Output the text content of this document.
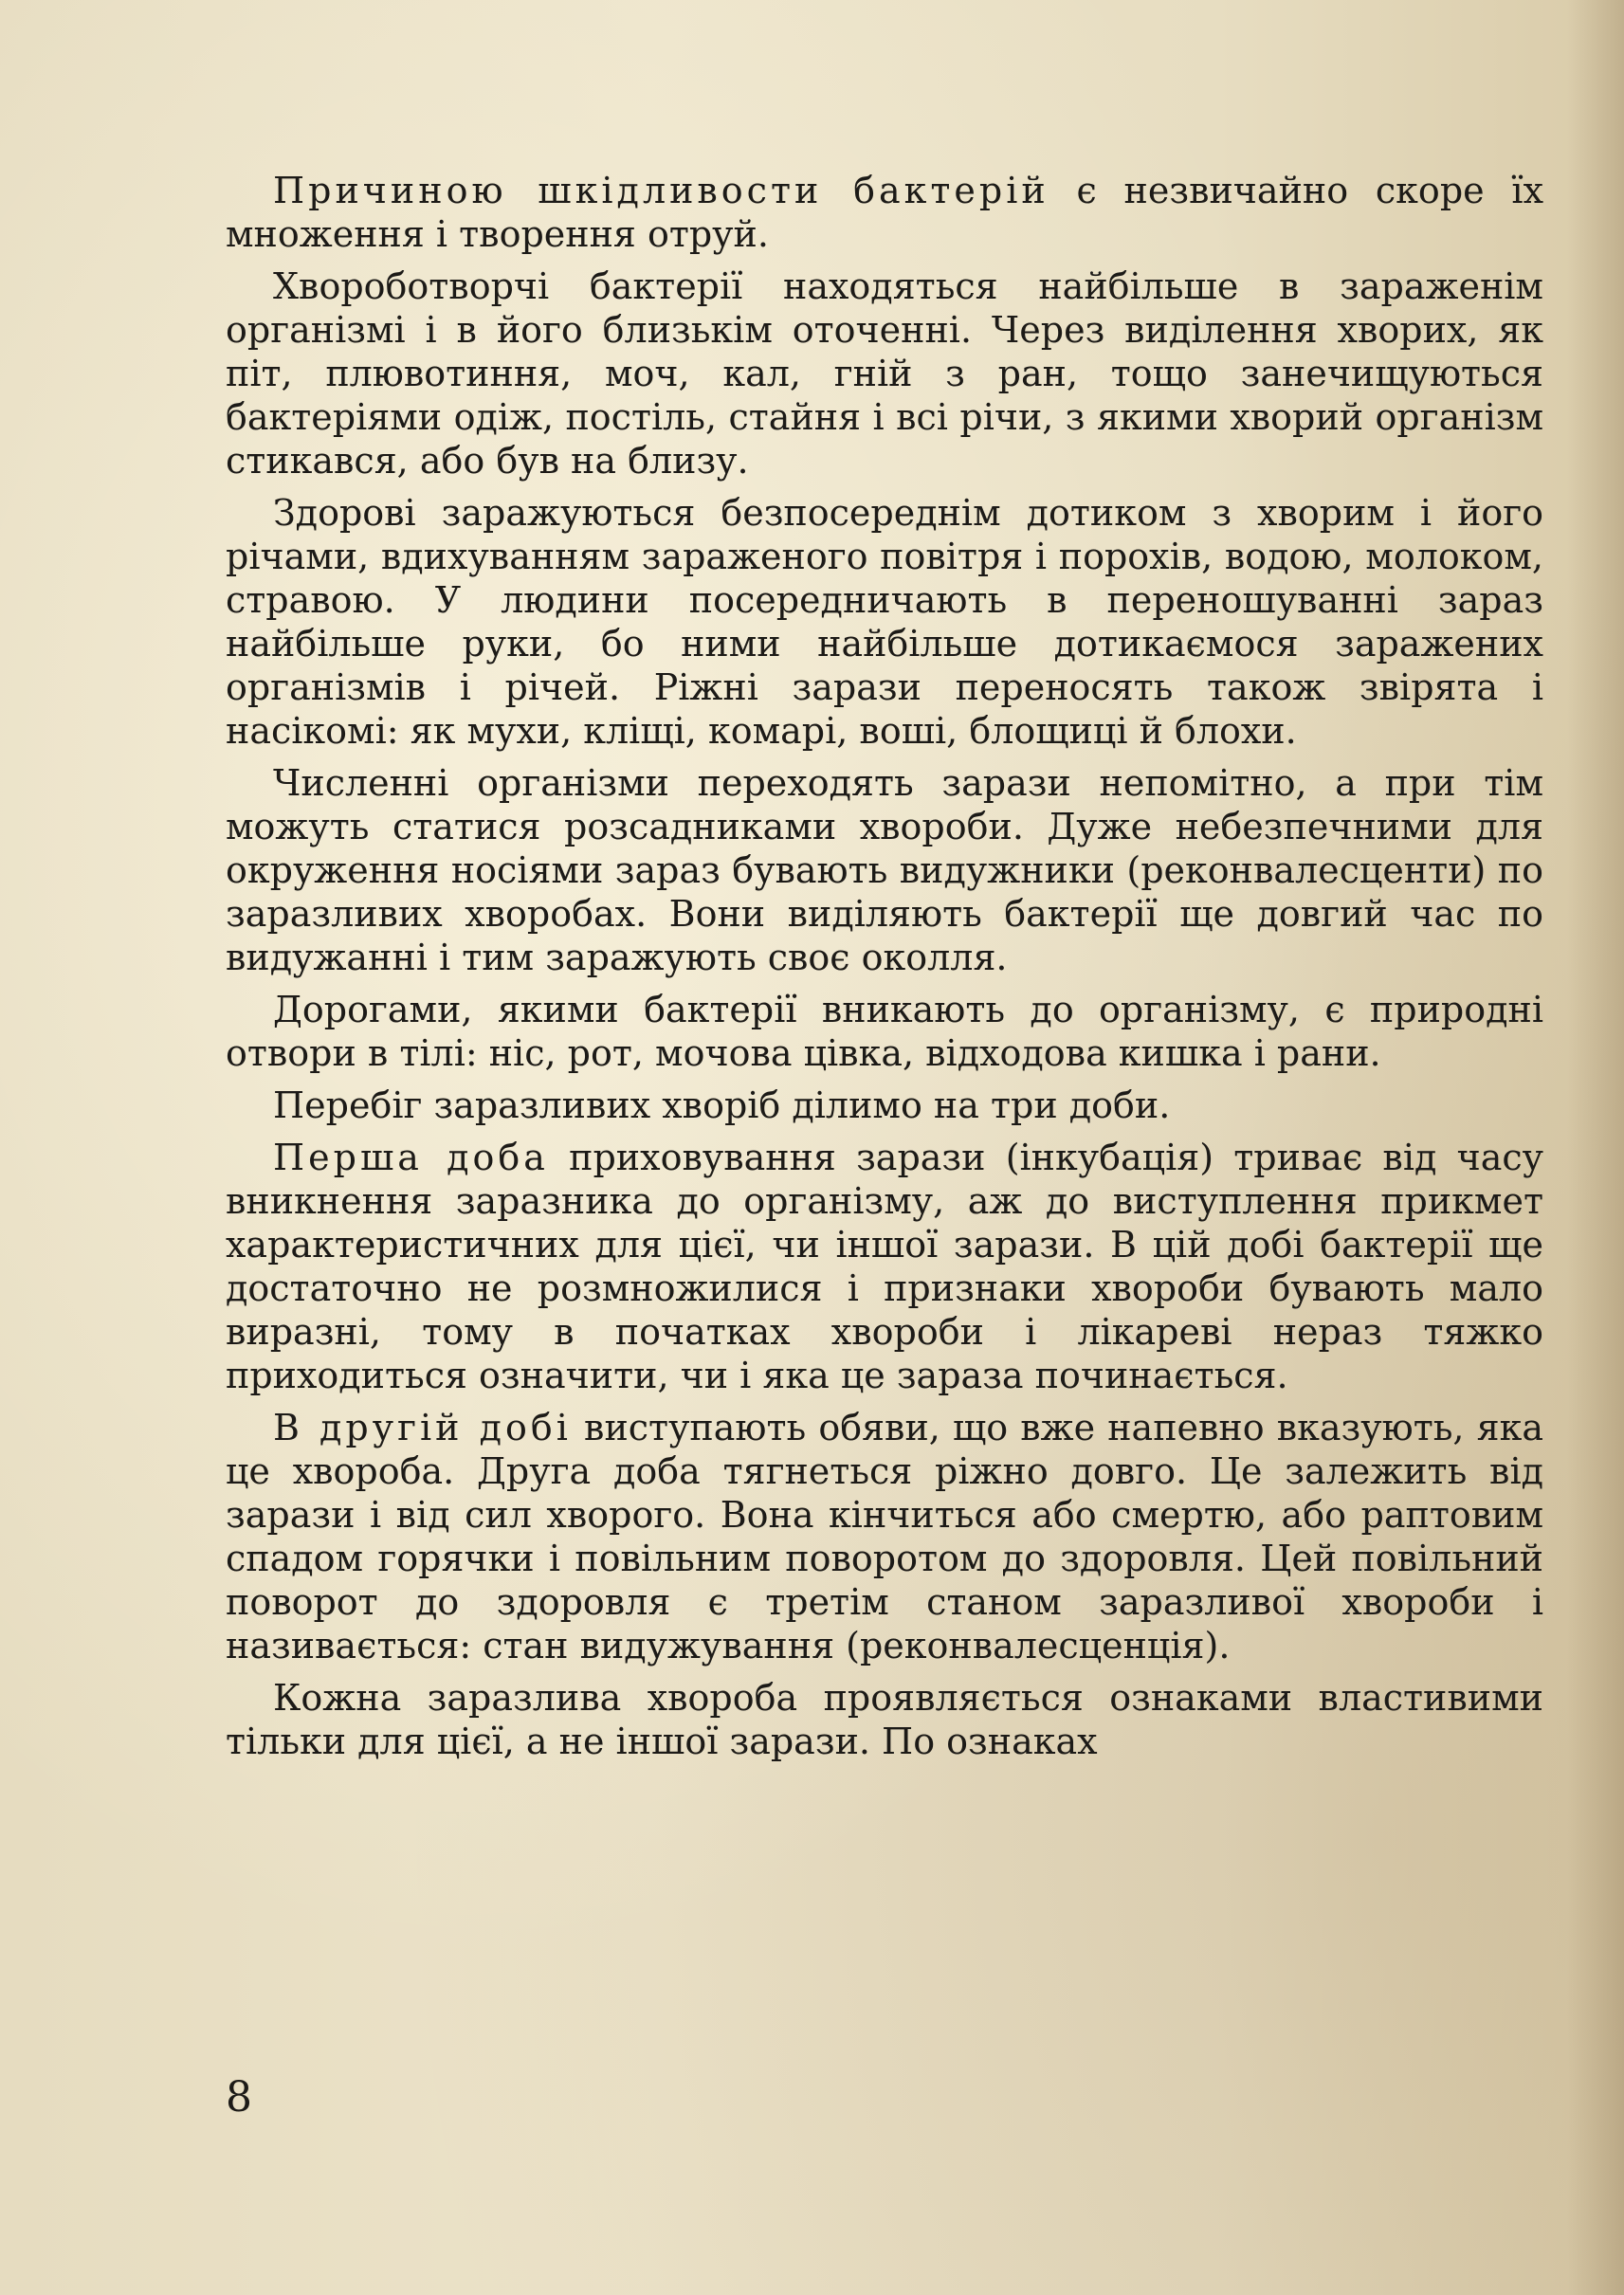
Причиною шкідливости бактерій є незвичайно скоре їх множення і творення отруй.

Хвороботворчі бактерії находяться найбільше в зараженім організмі і в його близькім оточенні. Через виділення хворих, як піт, плювотиння, моч, кал, гній з ран, тощо занечищуються бактеріями одіж, постіль, стайня і всі річи, з якими хворий організм стикався, або був на близу.

Здорові заражуються безпосереднім дотиком з хворим і його річами, вдихуванням зараженого повітря і порохів, водою, молоком, стравою. У людини посередничають в переношуванні зараз найбільше руки, бо ними найбільше дотикаємося заражених організмів і річей. Ріжні зарази переносять також звірята і насікомі: як мухи, кліщі, комарі, воші, блощиці й блохи.

Численні організми переходять зарази непомітно, а при тім можуть статися розсадниками хвороби. Дуже небезпечними для окруження носіями зараз бувають видужники (реконвалесценти) по заразливих хворобах. Вони виділяють бактерії ще довгий час по видужанні і тим заражують своє околля.

Дорогами, якими бактерії вникають до організму, є природні отвори в тілі: ніс, рот, мочова цівка, відходова кишка і рани.

Перебіг заразливих хворіб ділимо на три доби.

Перша доба приховування зарази (інкубація) триває від часу вникнення заразника до організму, аж до виступлення прикмет характеристичних для цієї, чи іншої зарази. В цій добі бактерії ще достаточно не розмножилися і признаки хвороби бувають мало виразні, тому в початках хвороби і лікареві нераз тяжко приходиться означити, чи і яка це зараза починається.

В другій добі виступають обяви, що вже напевно вказують, яка це хвороба. Друга доба тягнеться ріжно довго. Це залежить від зарази і від сил хворого. Вона кінчиться або смертю, або раптовим спадом горячки і повільним поворотом до здоровля. Цей повільний поворот до здоровля є третім станом заразливої хвороби і називається: стан видужування (реконвалесценція).

Кожна заразлива хвороба проявляється ознаками властивими тільки для цієї, а не іншої зарази. По ознаках

8
